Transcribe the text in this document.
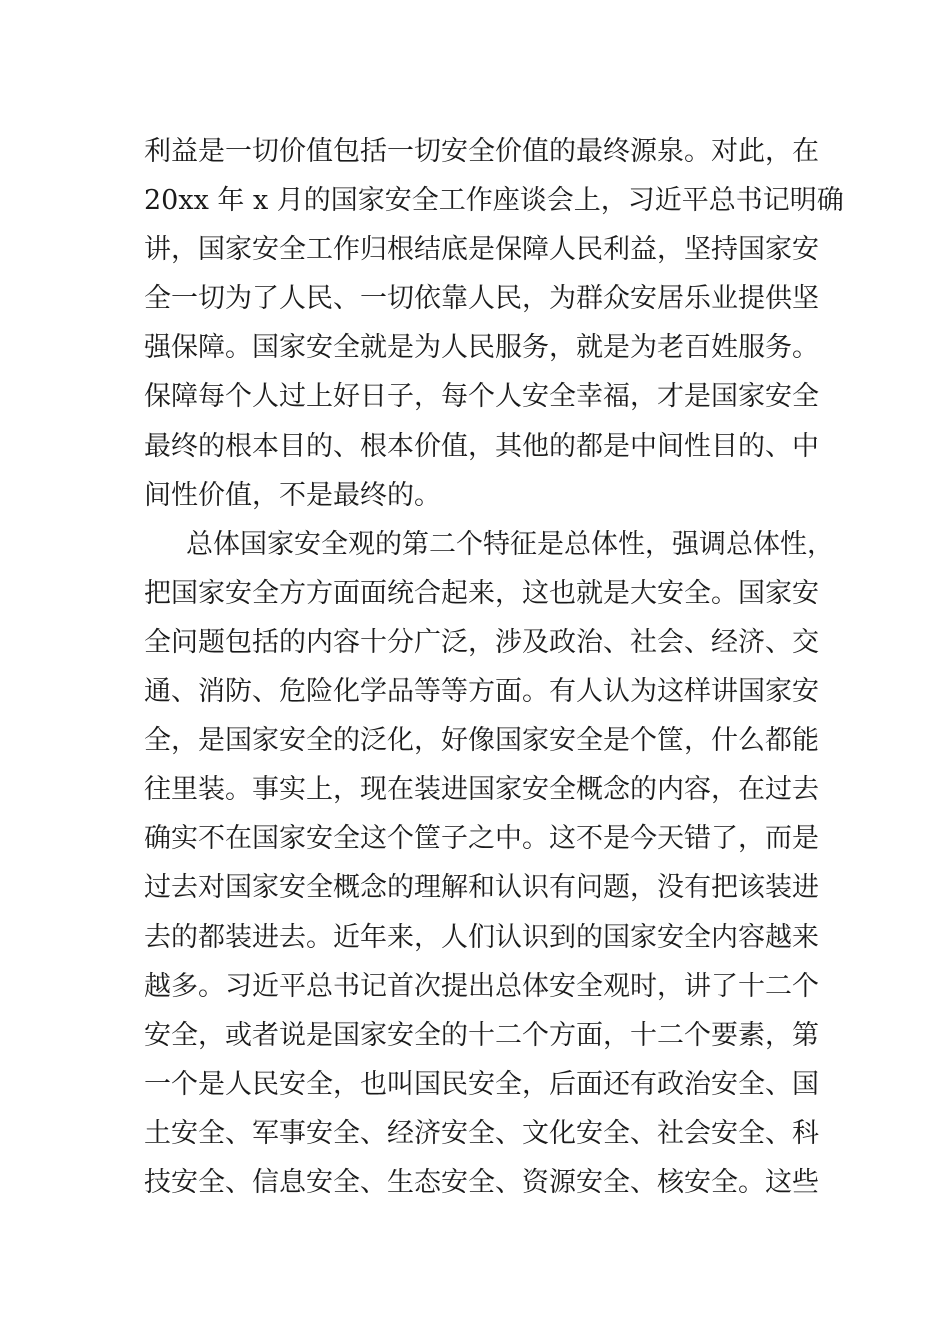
利益是一切价值包括一切安全价值的最终源泉。对此，在
20xx 年 x 月的国家安全工作座谈会上，习近平总书记明确
讲，国家安全工作归根结底是保障人民利益，坚持国家安
全一切为了人民、一切依靠人民，为群众安居乐业提供坚
强保障。国家安全就是为人民服务，就是为老百姓服务。
保障每个人过上好日子，每个人安全幸福，才是国家安全
最终的根本目的、根本价值，其他的都是中间性目的、中
间性价值，不是最终的。
总体国家安全观的第二个特征是总体性，强调总体性，
把国家安全方方面面统合起来，这也就是大安全。国家安
全问题包括的内容十分广泛，涉及政治、社会、经济、交
通、消防、危险化学品等等方面。有人认为这样讲国家安
全，是国家安全的泛化，好像国家安全是个筐，什么都能
往里装。事实上，现在装进国家安全概念的内容，在过去
确实不在国家安全这个筐子之中。这不是今天错了，而是
过去对国家安全概念的理解和认识有问题，没有把该装进
去的都装进去。近年来，人们认识到的国家安全内容越来
越多。习近平总书记首次提出总体安全观时，讲了十二个
安全，或者说是国家安全的十二个方面，十二个要素，第
一个是人民安全，也叫国民安全，后面还有政治安全、国
土安全、军事安全、经济安全、文化安全、社会安全、科
技安全、信息安全、生态安全、资源安全、核安全。这些
